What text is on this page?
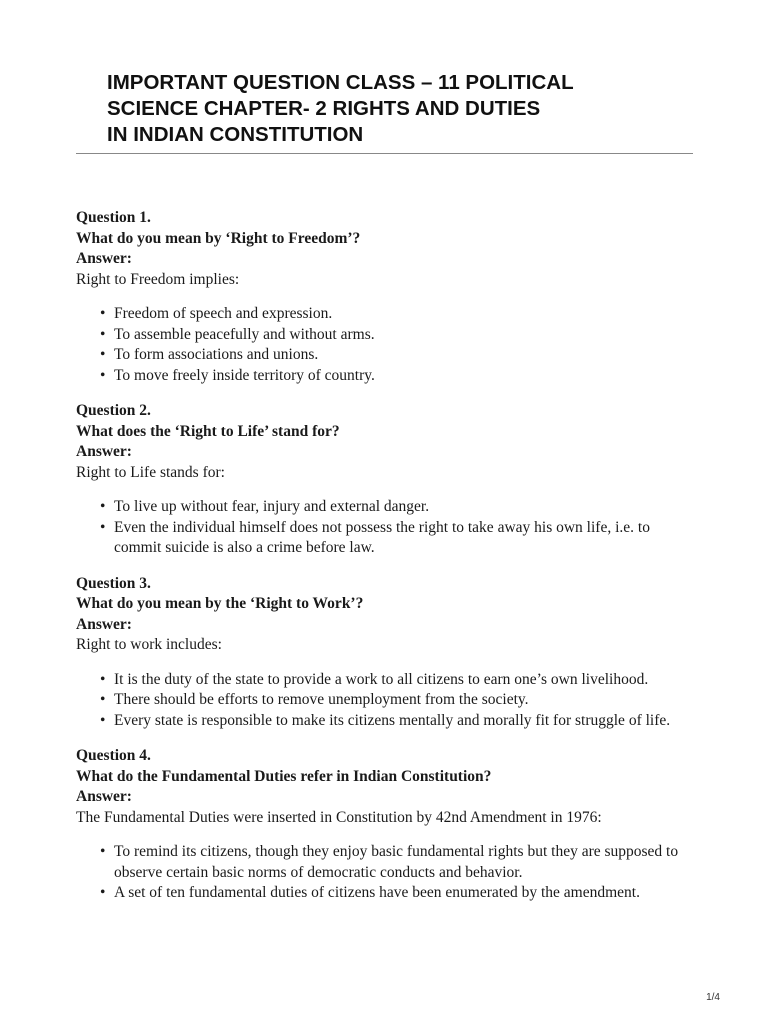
IMPORTANT QUESTION CLASS – 11 POLITICAL
SCIENCE CHAPTER- 2 RIGHTS AND DUTIES
IN INDIAN CONSTITUTION
Question 1.
What do you mean by ‘Right to Freedom’?
Answer:
Right to Freedom implies:
• Freedom of speech and expression.
• To assemble peacefully and without arms.
• To form associations and unions.
• To move freely inside territory of country.
Question 2.
What does the ‘Right to Life’ stand for?
Answer:
Right to Life stands for:
• To live up without fear, injury and external danger.
• Even the individual himself does not possess the right to take away his own life, i.e. to commit suicide is also a crime before law.
Question 3.
What do you mean by the ‘Right to Work’?
Answer:
Right to work includes:
• It is the duty of the state to provide a work to all citizens to earn one’s own livelihood.
• There should be efforts to remove unemployment from the society.
• Every state is responsible to make its citizens mentally and morally fit for struggle of life.
Question 4.
What do the Fundamental Duties refer in Indian Constitution?
Answer:
The Fundamental Duties were inserted in Constitution by 42nd Amendment in 1976:
• To remind its citizens, though they enjoy basic fundamental rights but they are supposed to observe certain basic norms of democratic conducts and behavior.
• A set of ten fundamental duties of citizens have been enumerated by the amendment.
1/4
